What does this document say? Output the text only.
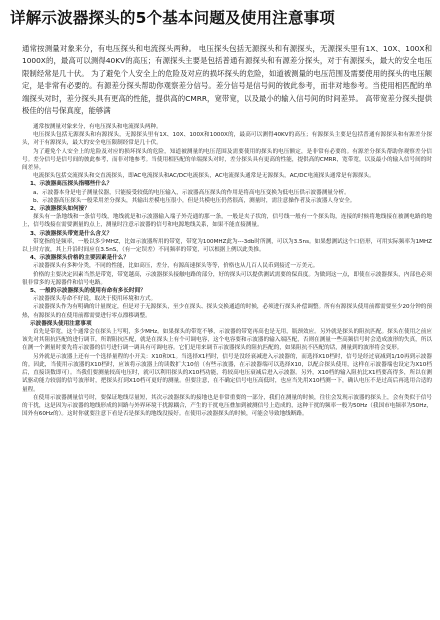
详解示波器探头的5个基本问题及使用注意事项
通常按测量对象来分，有电压探头和电流探头两种。 电压探头包括无源探头和有源探头，无源探头里有1X、10X、100X和1000X的，最高可以测得40KV的高压；有源探头主要是包括普通有源探头和有源差分探头，对于有源探头，最大的安全电压限制经常是几十伏。 为了避免个人安全上的危险及对应的损坏探头的危险，如道被测量的电压范围及需要使用的探头的电压额定，是非常有必要的。有源差分探头帮助你观察差分信号。差分信号是信号间的彼此参考，而非对地参考。当使用相匹配的单端探头对时，差分探头具有更高的性能，提供高的CMRR，宽带宽，以及最小的输入信号间的时间差异。 高带宽差分探头提供极佳的信号保真度，能够满

通常按测量对象来分，有电压探头和电流探头两种。

电压探头包括无源探头和有源探头，无源探头里有1X、10X、100X和1000X的，最高可以测得40KV的高压；有源探头主要是包括普通有源探头和有源差分探头，对于有源探头，最大的安全电压限制经常是几十伏。

为了避免个人安全上的危险及对应的损坏探头的危险，知道被测量的电压范围及需要使用的探头的电压额定，是非常有必要的。有源差分探头帮助你观察差分信号。差分信号是信号间的彼此参考，而非对地参考。当使用相匹配的单端探头对时，差分探头具有更高的性能，提供高的CMRR，宽带宽，以及最小的输入信号间的时间差异。

电流探头包括交流探头和交直流探头，即AC电流探头和AC/DC电流探头，AC电流探头通常是无源探头，AC/DC电流探头通常是有源探头。

1、示波器高压探头指哪些什么？

a、示波器本身是电子测量仪器，只能接受较低的电压输入，示波器高压探头的作用是将高电压变换为低电压供示波器测量分析。

b、示波器高压探头一般采用差分探头，其输出差模电压很小，但是共模电压仍然很高，测量时，需注意操作者及示波器人身安全。

2、示波器探头如何接？

探头有一条地线和一条信号线，地线就是和示波器输入端子外壳通的那一条，一般是夹子状的，信号线一般有一个探头钩，连接的时候将地线接在被测电路的地上，信号线接在需要测量的点上，测量时注意示波器的信号和电源地线关系，如果不能直接测量。

3、示波器探头带宽是什么含义？

带宽指的是频率，一般以多少MHZ，比如示波器所用的带宽，带宽为100MHZ此为---3db时所测，可以为3.5ns。如果想测试这个口倍形，可用实际频率为1MHZ以上时方波，其上升沿时间应在3.5nS，（有一定误差）不同频率的带宽，可以根据上例以此类推。

4、示波器探头价格的主要因素是什么？

示波器探头有多种分类，不同的性能，比如高压，差分，有源高速探头等等，价格也从几百人民币到接近一万美元。

价格的主要决定因素当然是带宽，带宽越高，示波器探头接触电路的部分，好的探头可以提供测试需要的保真度。为做到这一点，即使在示波器探头，内部也必须很非常多的无源器件和信号电路。

5、一般的示波器探头的使用有命有多长时间？

示波器探头寿命不好说，取决于使用环境和方式。

示波器探头作为有明确的计量规定，但是对于无源探头，至少在探头、探头交换通道的时候，必须进行探头补偿调整。所有有源探头使用前都需要至少20分钟的预热，有源探头的在使用前都需要进行零点漂移调整。

示波器探头使用注意事项

首先是带宽，这个通常会在探头上写明，多少MHz。如果探头的带宽不够，示波器的带宽再高也是无用，瓶颈效应。另外就是探头的阻抗匹配。探头在使用之前应该先对其阻抗匹配的进行调节，所谓阻抗匹配，就是在探头上有个可调电容，这个电容要和示波器的输入端匹配，否则在测量一些高频信号时会造成波形的失真，所以在测一个测量时要先将示波器的信号进行调一调具有可调电容。它们是用来调节示波器探头的阻抗匹配的，如果阻抗不匹配的话，测量到的波形将会变形。

另外就是示波器上还有一个选择量程的小开关：X10和X1。当选择X1档时，信号是没经衰减进入示波器的，而选择X10档时，信号是经过衰减到1/10再到示波器的。因此，当使用示波器的X10档时，应该将示波器上的读数扩大10倍（有些示波器，在示波器端可以选择X10，以配合探头使用，这样在示波器端也设定为X10档后，直接读数即可）。当我们要测量较高电压时，就可以利用探头的X10档功能，将较高电压衰减后进入示波器。另外，X10档的输入阻抗比X1档要高得多，所以在测试驱动能力较弱的信号波形时，把探头打到X10档可更好的测量。但要注意，在不确定信号电压高低时，也应当先用X10档测一下，确认电压不是过高后再选用合适的量程。

在使用示波器测量信号时，要保证地线尽量短，其次示波器探头的接地也是非常重要的一部分，我们在测量的时候，往往会发现示波器的探头上，会有类似于信号的干扰，这是因为示波器的地线形成的回路与外界环境干扰源耦合，产生的干扰电压叠加到被测信号上造成的，这种干扰的频率一般为50Hz（我国市电频率为50Hz，国外有60Hz的）。这时你就要注意下看是否是探头的地线没接好。在使用示波器探头的时候，可能会导致地线断路。
